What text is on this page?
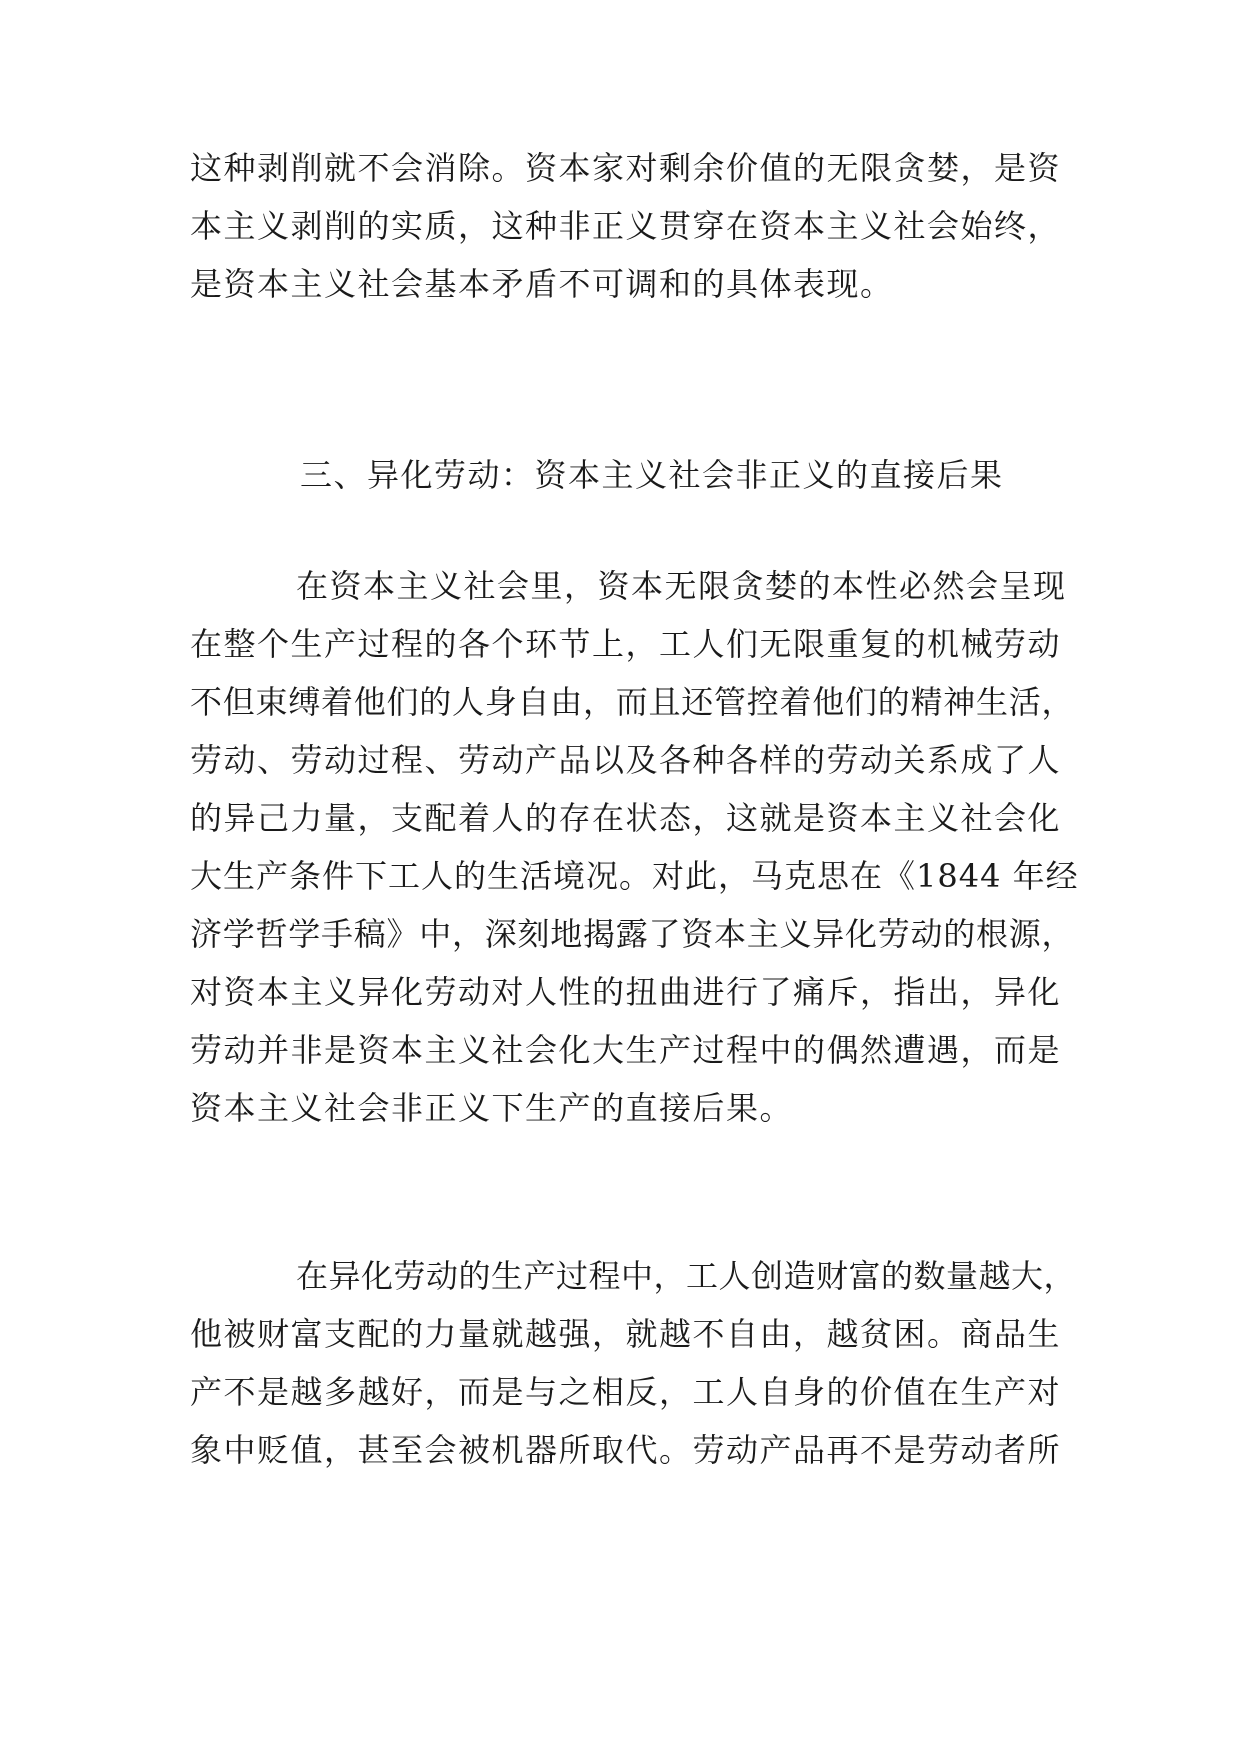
这种剥削就不会消除。资本家对剩余价值的无限贪婪，是资
本主义剥削的实质，这种非正义贯穿在资本主义社会始终，
是资本主义社会基本矛盾不可调和的具体表现。
三、异化劳动：资本主义社会非正义的直接后果
在资本主义社会里，资本无限贪婪的本性必然会呈现
在整个生产过程的各个环节上，工人们无限重复的机械劳动
不但束缚着他们的人身自由，而且还管控着他们的精神生活，
劳动、劳动过程、劳动产品以及各种各样的劳动关系成了人
的异己力量，支配着人的存在状态，这就是资本主义社会化
大生产条件下工人的生活境况。对此，马克思在《1844 年经
济学哲学手稿》中，深刻地揭露了资本主义异化劳动的根源，
对资本主义异化劳动对人性的扭曲进行了痛斥，指出，异化
劳动并非是资本主义社会化大生产过程中的偶然遭遇，而是
资本主义社会非正义下生产的直接后果。
在异化劳动的生产过程中，工人创造财富的数量越大，
他被财富支配的力量就越强，就越不自由，越贫困。商品生
产不是越多越好，而是与之相反，工人自身的价值在生产对
象中贬值，甚至会被机器所取代。劳动产品再不是劳动者所
